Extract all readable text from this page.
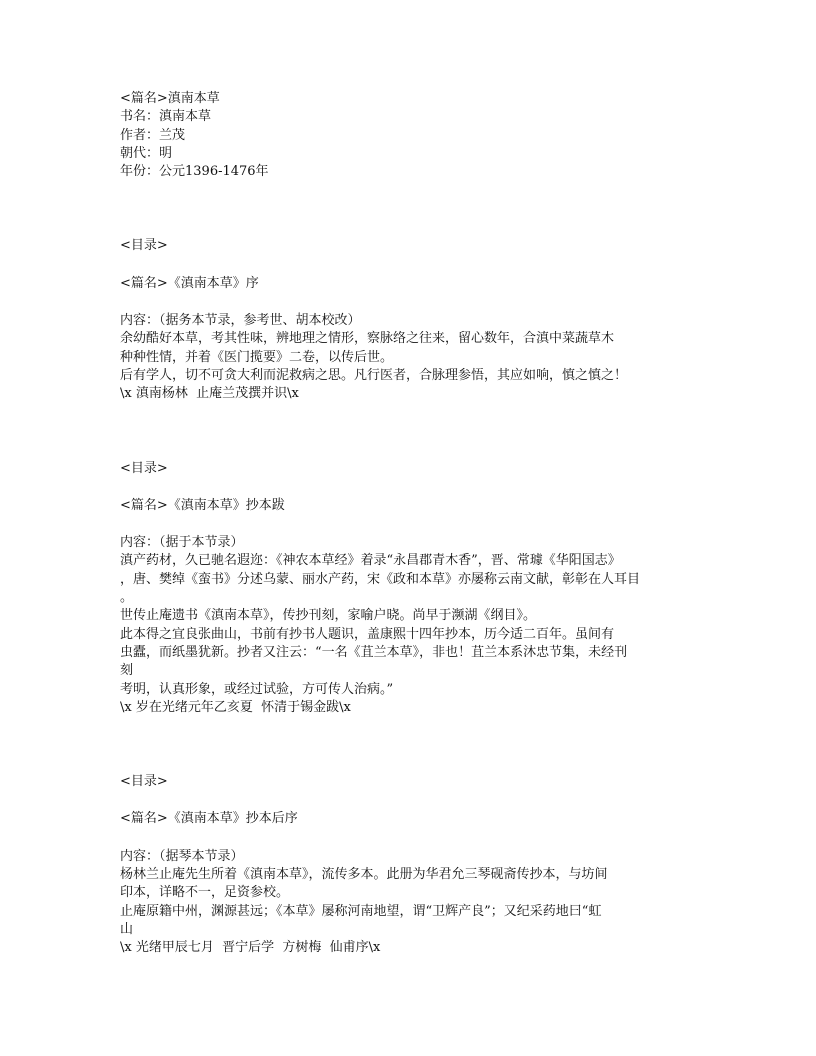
<篇名>滇南本草

书名：滇南本草

作者：兰茂

朝代：明

年份：公元1396-1476年

<目录>

<篇名>《滇南本草》序

内容：（据务本节录，参考世、胡本校改）

余幼酷好本草，考其性味，辨地理之情形，察脉络之往来，留心数年，合滇中菜蔬草木

种种性情，并着《医门揽要》二卷，以传后世。

后有学人，切不可贪大利而泥救病之思。凡行医者，合脉理参悟，其应如响，慎之慎之！

\x 滇南杨林  止庵兰茂撰并识\x

<目录>

<篇名>《滇南本草》抄本跋

内容：（据于本节录）

滇产药材，久已驰名遐迩：《神农本草经》着录“永昌郡青木香”，晋、常璩《华阳国志》

，唐、樊绰《蛮书》分述乌蒙、丽水产药，宋《政和本草》亦屡称云南文献，彰彰在人耳目

。

世传止庵遗书《滇南本草》，传抄刊刻，家喻户晓。尚早于濒湖《纲目》。

此本得之宜良张曲山，书前有抄书人题识，盖康熙十四年抄本，历今适二百年。虽间有

虫蠹，而纸墨犹新。抄者又注云：“一名《苴兰本草》，非也！苴兰本系沐忠节集，未经刊

刻

考明，认真形象，或经过试验，方可传人治病。”

\x 岁在光绪元年乙亥夏  怀清于锡金跋\x

<目录>

<篇名>《滇南本草》抄本后序

内容：（据琴本节录）

杨林兰止庵先生所着《滇南本草》，流传多本。此册为华君允三琴砚斋传抄本，与坊间

印本，详略不一，足资参校。

止庵原籍中州，渊源甚远；《本草》屡称河南地望，谓“卫辉产良”；又纪采药地曰“虹

山

\x 光绪甲辰七月  晋宁后学  方树梅  仙甫序\x
